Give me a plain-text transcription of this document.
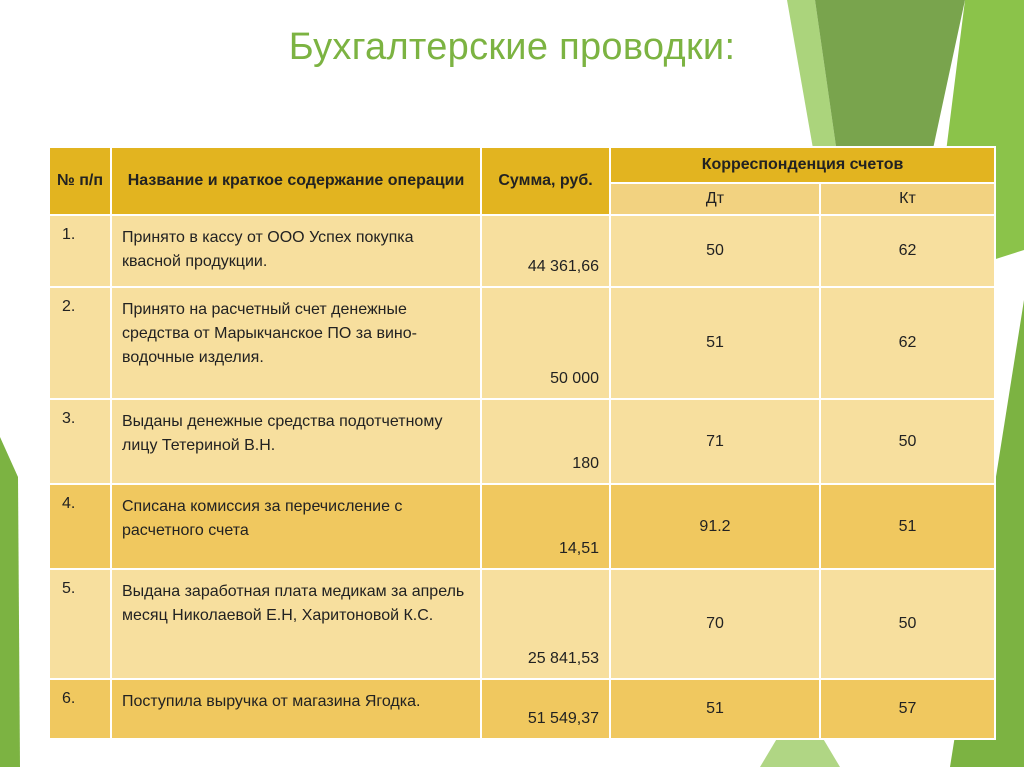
Бухгалтерские проводки:
№ п/п	Название и краткое содержание операции	Сумма, руб.	Корреспонденция счетов	
			Дт	Кт
1.	Принято в кассу от ООО Успех покупка квасной продукции.	44 361,66	50	62
2.	Принято на расчетный счет денежные средства от Марыкчанское ПО за вино-водочные изделия.	50 000	51	62
3.	Выданы денежные средства подотчетному лицу Тетериной В.Н.	180	71	50
4.	Списана комиссия за перечисление с расчетного счета	14,51	91.2	51
5.	Выдана заработная плата медикам за апрель месяц Николаевой Е.Н, Харитоновой К.С.	25 841,53	70	50
6.	Поступила выручка от магазина Ягодка.	51 549,37	51	57
